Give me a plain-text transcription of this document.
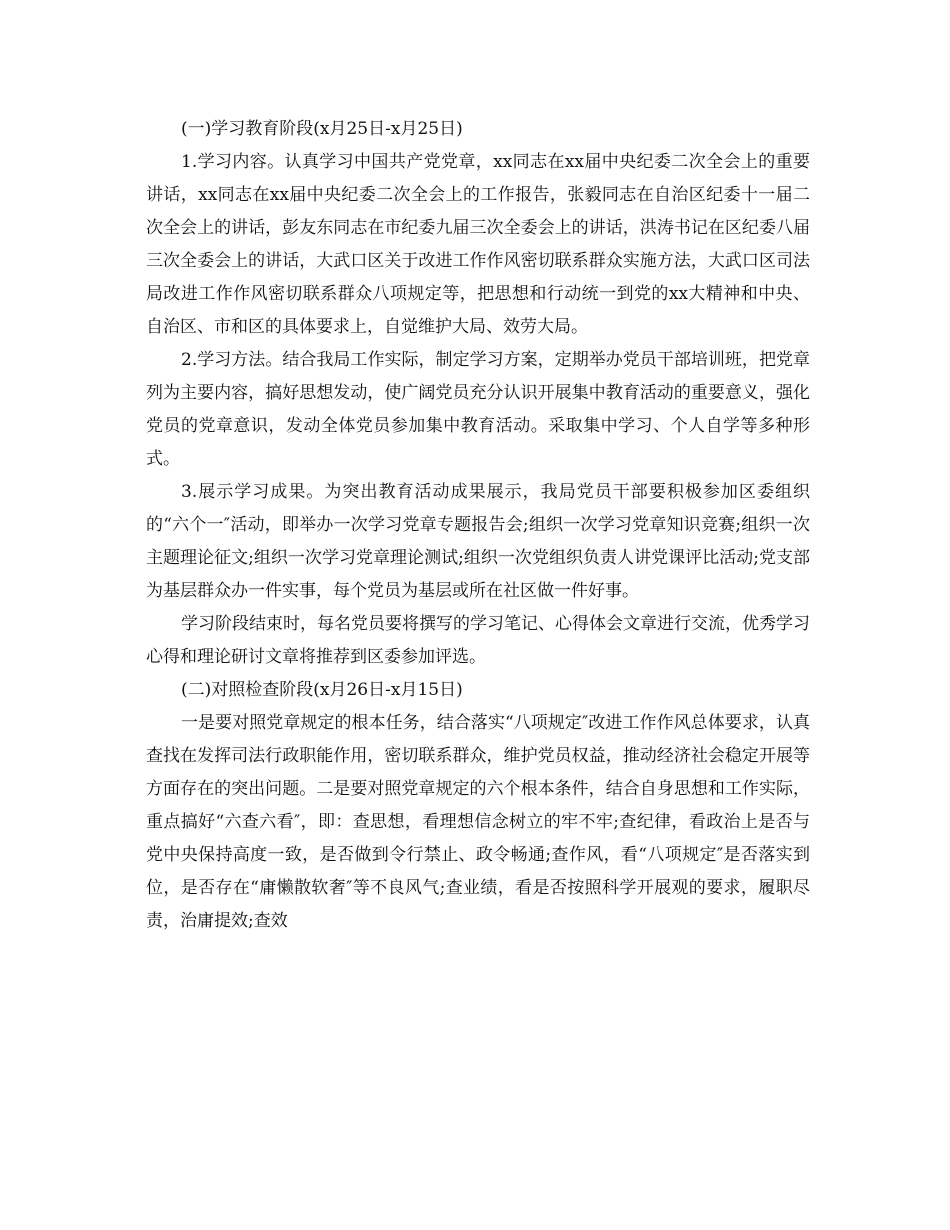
(一)学习教育阶段(x月25日-x月25日)

1.学习内容。认真学习中国共产党党章，xx同志在xx届中央纪委二次全会上的重要讲话，xx同志在xx届中央纪委二次全会上的工作报告，张毅同志在自治区纪委十一届二次全会上的讲话，彭友东同志在市纪委九届三次全委会上的讲话，洪涛书记在区纪委八届三次全委会上的讲话，大武口区关于改进工作作风密切联系群众实施方法，大武口区司法局改进工作作风密切联系群众八项规定等，把思想和行动统一到党的xx大精神和中央、自治区、市和区的具体要求上，自觉维护大局、效劳大局。

2.学习方法。结合我局工作实际，制定学习方案，定期举办党员干部培训班，把党章列为主要内容，搞好思想发动，使广阔党员充分认识开展集中教育活动的重要意义，强化党员的党章意识，发动全体党员参加集中教育活动。采取集中学习、个人自学等多种形式。

3.展示学习成果。为突出教育活动成果展示，我局党员干部要积极参加区委组织的“六个一″活动，即举办一次学习党章专题报告会;组织一次学习党章知识竞赛;组织一次主题理论征文;组织一次学习党章理论测试;组织一次党组织负责人讲党课评比活动;党支部为基层群众办一件实事，每个党员为基层或所在社区做一件好事。

学习阶段结束时，每名党员要将撰写的学习笔记、心得体会文章进行交流，优秀学习心得和理论研讨文章将推荐到区委参加评选。

(二)对照检查阶段(x月26日-x月15日)

一是要对照党章规定的根本任务，结合落实“八项规定″改进工作作风总体要求，认真查找在发挥司法行政职能作用，密切联系群众，维护党员权益，推动经济社会稳定开展等方面存在的突出问题。二是要对照党章规定的六个根本条件，结合自身思想和工作实际，重点搞好“六查六看″，即：查思想，看理想信念树立的牢不牢;查纪律，看政治上是否与党中央保持高度一致，是否做到令行禁止、政令畅通;查作风，看“八项规定″是否落实到位，是否存在“庸懒散软奢″等不良风气;查业绩，看是否按照科学开展观的要求，履职尽责，治庸提效;查效
